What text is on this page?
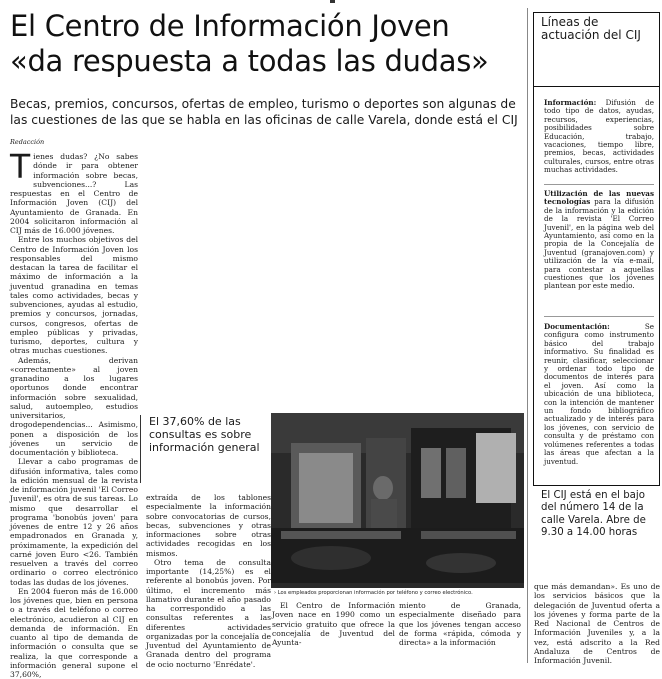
El Centro de Información Joven
«da respuesta a todas las dudas»
Becas, premios, concursos, ofertas de empleo, turismo o deportes son algunas de las cuestiones de las que se habla en las oficinas de calle Varela, donde está el CIJ
Redacción

Tienes dudas? ¿No sabes dónde ir para obtener información sobre becas, subvenciones...? Las respuestas en el Centro de Información Joven (CIJ) del Ayuntamiento de Granada. En 2004 solicitaron información al CIJ más de 16.000 jóvenes.

Entre los muchos objetivos del Centro de Información Joven los responsables del mismo destacan la tarea de facilitar el máximo de información a la juventud granadina en temas tales como actividades, becas y subvenciones, ayudas al estudio, premios y concursos, jornadas, cursos, congresos, ofertas de empleo públicas y privadas, turismo, deportes, cultura y otras muchas cuestiones.

Además, derivan «correctamente» al joven granadino a los lugares oportunos donde encontrar información sobre sexualidad, salud, autoempleo, estudios universitarios, drogodependencias... Asimismo, ponen a disposición de los jóvenes un servicio de documentación y biblioteca.

Llevar a cabo programas de difusión informativa, tales como la edición mensual de la revista de información juvenil 'El Correo Juvenil', es otra de sus tareas. Lo mismo que desarrollar el programa 'bonobús joven' para jóvenes de entre 12 y 26 años empadronados en Granada y, próximamente, la expedición del carné joven Euro <26. También resuelven a través del correo ordinario o correo electrónico todas las dudas de los jóvenes.

En 2004 fueron más de 16.000 los jóvenes que, bien en persona o a través del teléfono o correo electrónico, acudieron al CIJ en demanda de información. En cuanto al tipo de demanda de información o consulta que se realiza, la que corresponde a información general supone el 37,60%,

El 37,60% de las consultas es sobre información general
› Los empleados proporcionan información por teléfono y correo electrónico.

extraída de los tablones especialmente la información sobre convocatorias de cursos, becas, subvenciones y otras informaciones sobre otras actividades recogidas en los mismos.

Otro tema de consulta importante (14,25%) es el referente al bonobús joven. Por último, el incremento más llamativo durante el año pasado ha correspondido a las consultas referentes a las diferentes actividades organizadas por la concejalía de Juventud del Ayuntamiento de Granada dentro del programa de ocio nocturno 'Enrédate'.

El Centro de Información Joven nace en 1990 como un servicio gratuito que ofrece la concejalía de Juventud del Ayunta-

miento de Granada, especialmente diseñado para que los jóvenes tengan acceso de forma «rápida, cómoda y directa» a la información

Líneas de actuación del CIJ
Información: Difusión de todo tipo de datos, ayudas, recursos, experiencias, posibilidades sobre Educación, trabajo, vacaciones, tiempo libre, premios, becas, actividades culturales, cursos, entre otras muchas actividades.
Utilización de las nuevas tecnologías para la difusión de la información y la edición de la revista 'El Correo Juvenil', en la página web del Ayuntamiento, así como en la propia de la Concejalía de Juventud (granajoven.com) y utilización de la vía e-mail, para contestar a aquellas cuestiones que los jóvenes plantean por este medio.
Documentación: Se configura como instrumento básico del trabajo informativo. Su finalidad es reunir, clasificar, seleccionar y ordenar todo tipo de documentos de interés para el joven. Así como la ubicación de una biblioteca, con la intención de mantener un fondo bibliográfico actualizado y de interés para los jóvenes, con servicio de consulta y de préstamo con volúmenes referentes a todas las áreas que afectan a la juventud.
El CIJ está en el bajo del número 14 de la calle Varela. Abre de 9.30 a 14.00 horas

que más demandan». Es uno de los servicios básicos que la delegación de Juventud oferta a los jóvenes y forma parte de la Red Nacional de Centros de Información Juveniles y, a la vez, está adscrito a la Red Andaluza de Centros de Información Juvenil.
